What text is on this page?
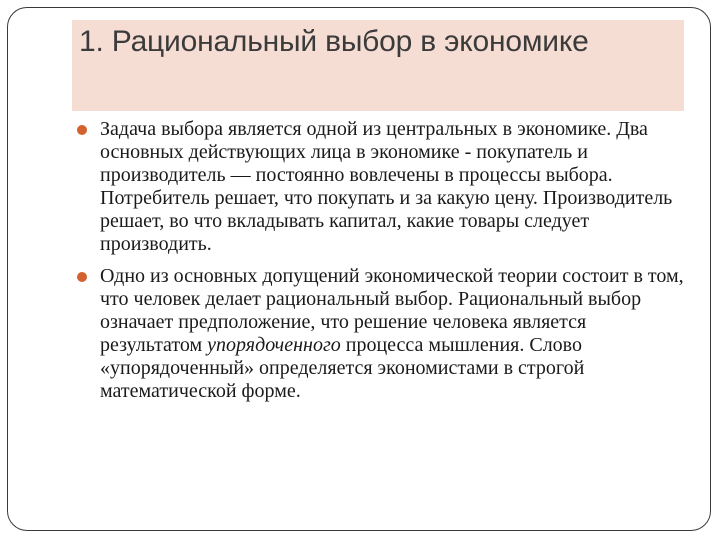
1. Рациональный выбор в экономике
Задача выбора является одной из центральных в экономике. Два основных действующих лица в экономике - покупатель и производитель — постоянно вовлечены в процессы выбора. Потребитель решает, что покупать и за какую цену. Производитель решает, во что вкладывать капитал, какие товары следует производить.
Одно из основных допущений экономической теории состоит в том, что человек делает рациональный выбор. Рациональный выбор означает предположение, что решение человека является результатом упорядоченного процесса мышления. Слово «упорядоченный» определяется экономистами в строгой математической форме.
